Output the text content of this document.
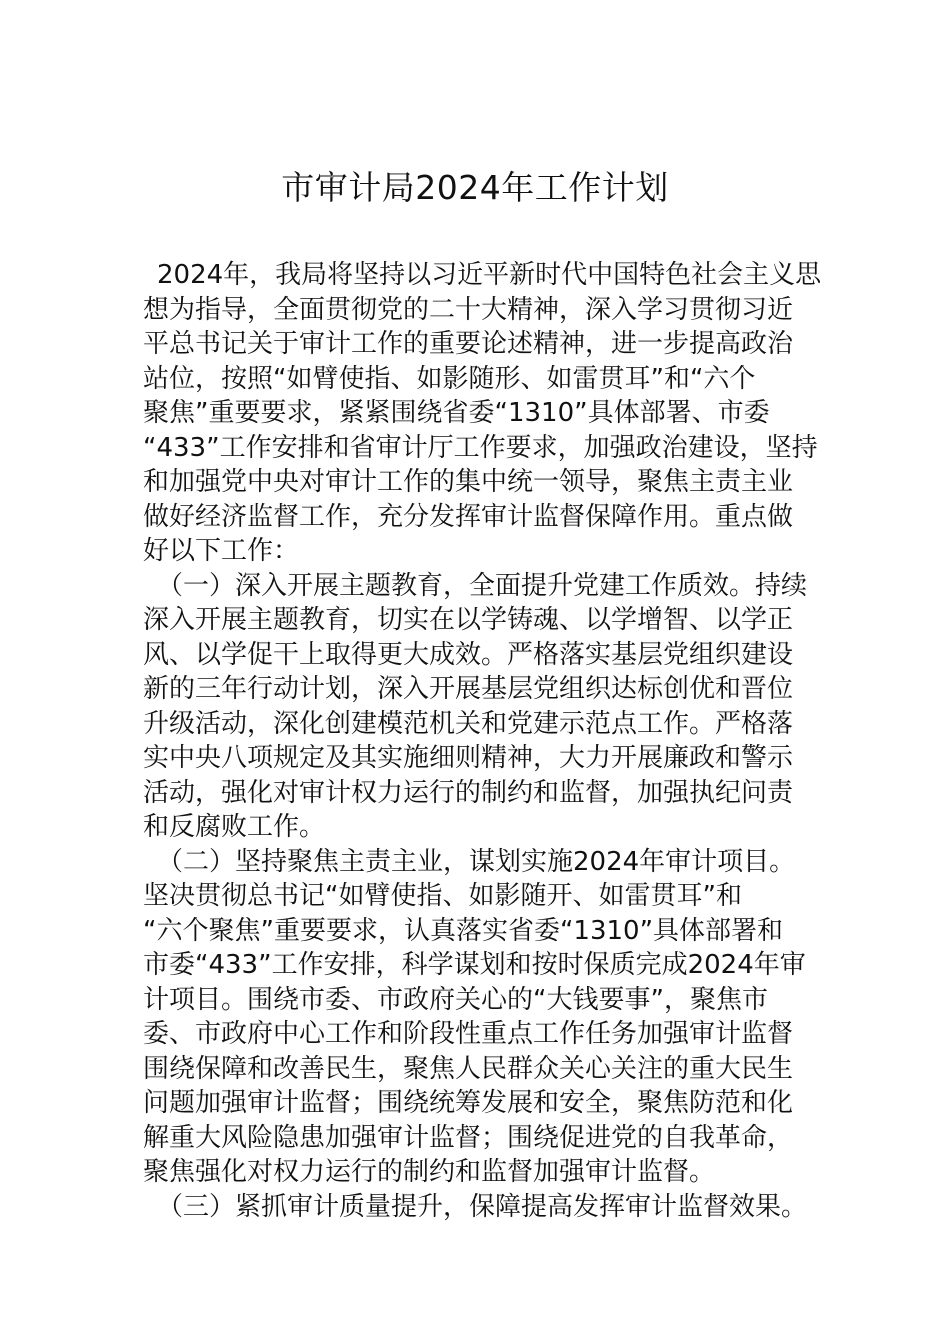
市审计局2024年工作计划
2024年，我局将坚持以习近平新时代中国特色社会主义思
想为指导，全面贯彻党的二十大精神，深入学习贯彻习近
平总书记关于审计工作的重要论述精神，进一步提高政治
站位，按照“如臂使指、如影随形、如雷贯耳”和“六个
聚焦”重要要求，紧紧围绕省委“1310”具体部署、市委
“433”工作安排和省审计厅工作要求，加强政治建设，坚持
和加强党中央对审计工作的集中统一领导，聚焦主责主业
做好经济监督工作，充分发挥审计监督保障作用。重点做
好以下工作：
（一）深入开展主题教育，全面提升党建工作质效。持续
深入开展主题教育，切实在以学铸魂、以学增智、以学正
风、以学促干上取得更大成效。严格落实基层党组织建设
新的三年行动计划，深入开展基层党组织达标创优和晋位
升级活动，深化创建模范机关和党建示范点工作。严格落
实中央八项规定及其实施细则精神，大力开展廉政和警示
活动，强化对审计权力运行的制约和监督，加强执纪问责
和反腐败工作。
（二）坚持聚焦主责主业，谋划实施2024年审计项目。
坚决贯彻总书记“如臂使指、如影随开、如雷贯耳”和
“六个聚焦”重要要求，认真落实省委“1310”具体部署和
市委“433”工作安排，科学谋划和按时保质完成2024年审
计项目。围绕市委、市政府关心的“大钱要事”，聚焦市
委、市政府中心工作和阶段性重点工作任务加强审计监督
围绕保障和改善民生，聚焦人民群众关心关注的重大民生
问题加强审计监督；围绕统筹发展和安全，聚焦防范和化
解重大风险隐患加强审计监督；围绕促进党的自我革命，
聚焦强化对权力运行的制约和监督加强审计监督。
（三）紧抓审计质量提升，保障提高发挥审计监督效果。
